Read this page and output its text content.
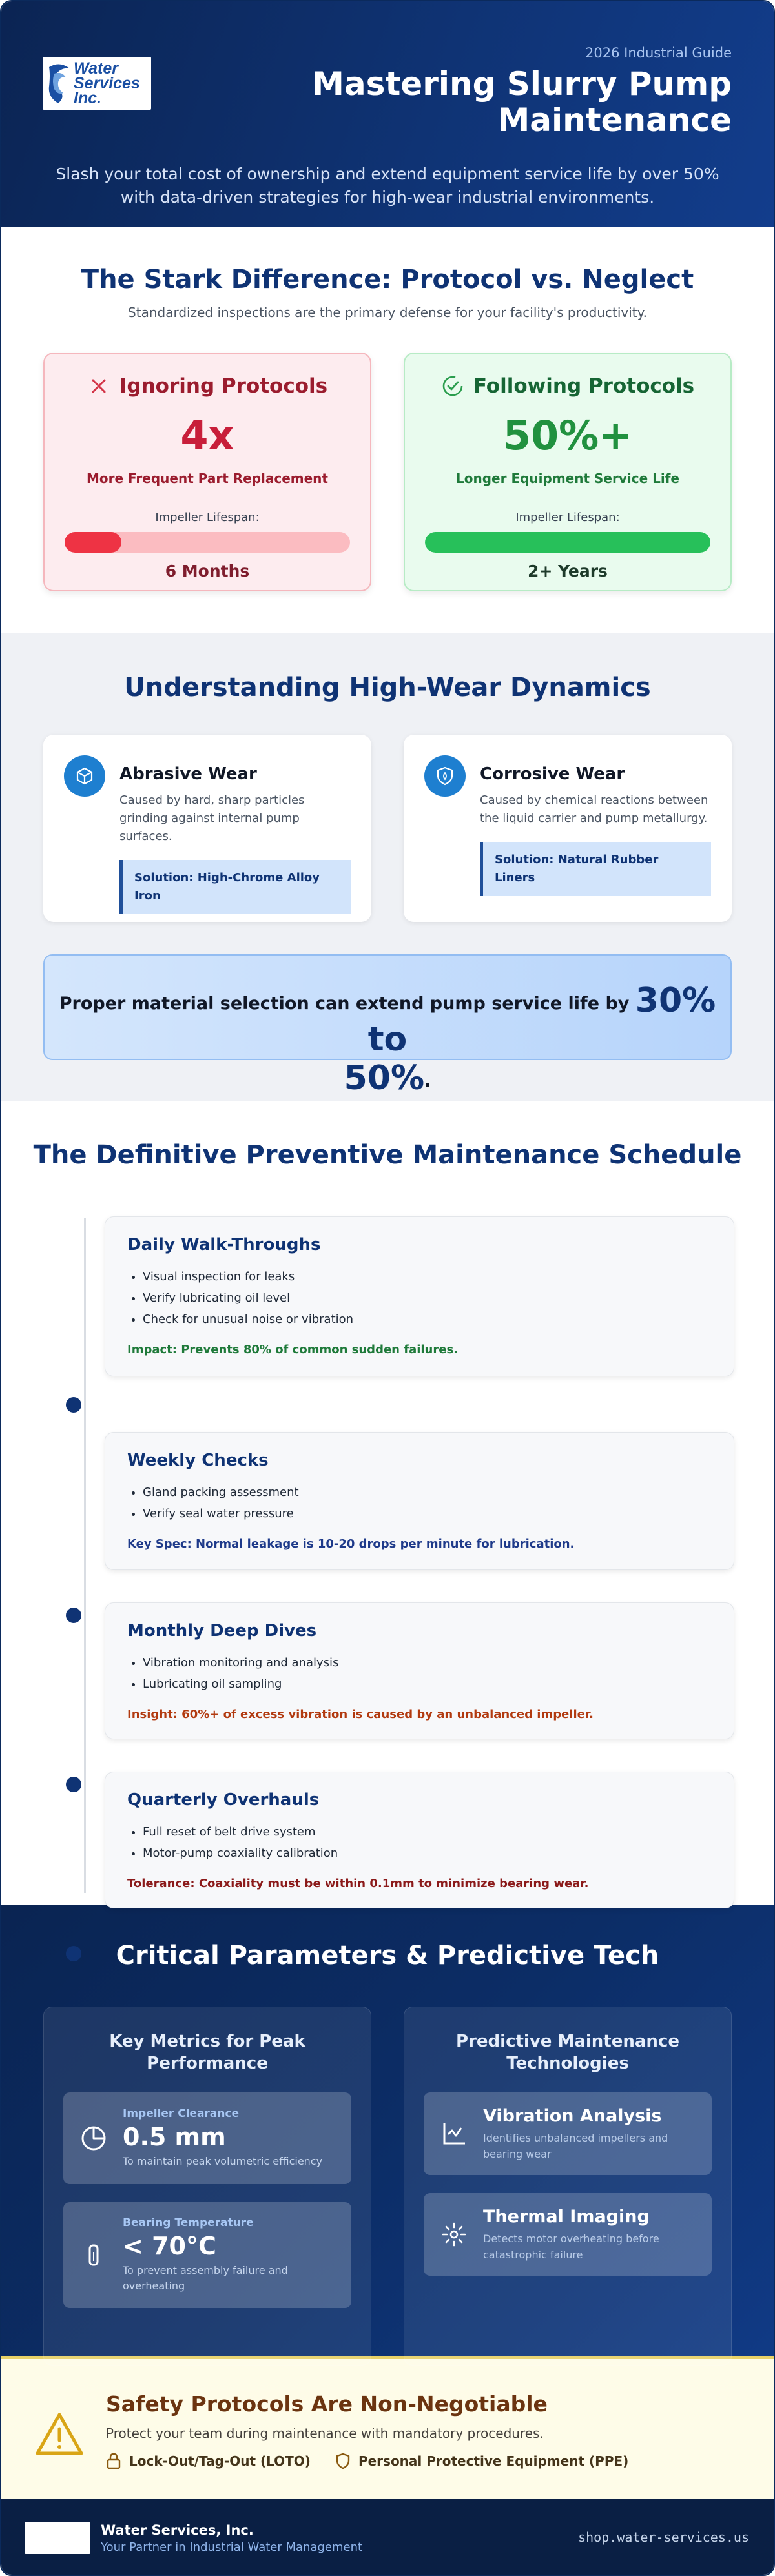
Water
Services
Inc.
2026 Industrial Guide
Mastering Slurry Pump
Maintenance
Slash your total cost of ownership and extend equipment service life by over 50%
with data-driven strategies for high-wear industrial environments.
The Stark Difference: Protocol vs. Neglect
Standardized inspections are the primary defense for your facility's productivity.
Ignoring Protocols
4x
More Frequent Part Replacement
Impeller Lifespan:
6 Months
Following Protocols
50%+
Longer Equipment Service Life
Impeller Lifespan:
2+ Years
Understanding High-Wear Dynamics
Abrasive Wear
Caused by hard, sharp particles
grinding against internal pump
surfaces.
Solution: High-Chrome Alloy
Iron
Corrosive Wear
Caused by chemical reactions between
the liquid carrier and pump metallurgy.
Solution: Natural Rubber
Liners
Proper material selection can extend pump service life by 30% to
50%.
The Definitive Preventive Maintenance Schedule
Daily Walk-Throughs
• Visual inspection for leaks
• Verify lubricating oil level
• Check for unusual noise or vibration
Impact: Prevents 80% of common sudden failures.
Weekly Checks
• Gland packing assessment
• Verify seal water pressure
Key Spec: Normal leakage is 10-20 drops per minute for lubrication.
Monthly Deep Dives
• Vibration monitoring and analysis
• Lubricating oil sampling
Insight: 60%+ of excess vibration is caused by an unbalanced impeller.
Quarterly Overhauls
• Full reset of belt drive system
• Motor-pump coaxiality calibration
Tolerance: Coaxiality must be within 0.1mm to minimize bearing wear.
Critical Parameters & Predictive Tech
Key Metrics for Peak
Performance
Impeller Clearance
0.5 mm
To maintain peak volumetric efficiency
Bearing Temperature
< 70°C
To prevent assembly failure and
overheating
Predictive Maintenance
Technologies
Vibration Analysis
Identifies unbalanced impellers and
bearing wear
Thermal Imaging
Detects motor overheating before
catastrophic failure
Safety Protocols Are Non-Negotiable
Protect your team during maintenance with mandatory procedures.
Lock-Out/Tag-Out (LOTO)	Personal Protective Equipment (PPE)
Water Services, Inc.
Your Partner in Industrial Water Management
shop.water-services.us
